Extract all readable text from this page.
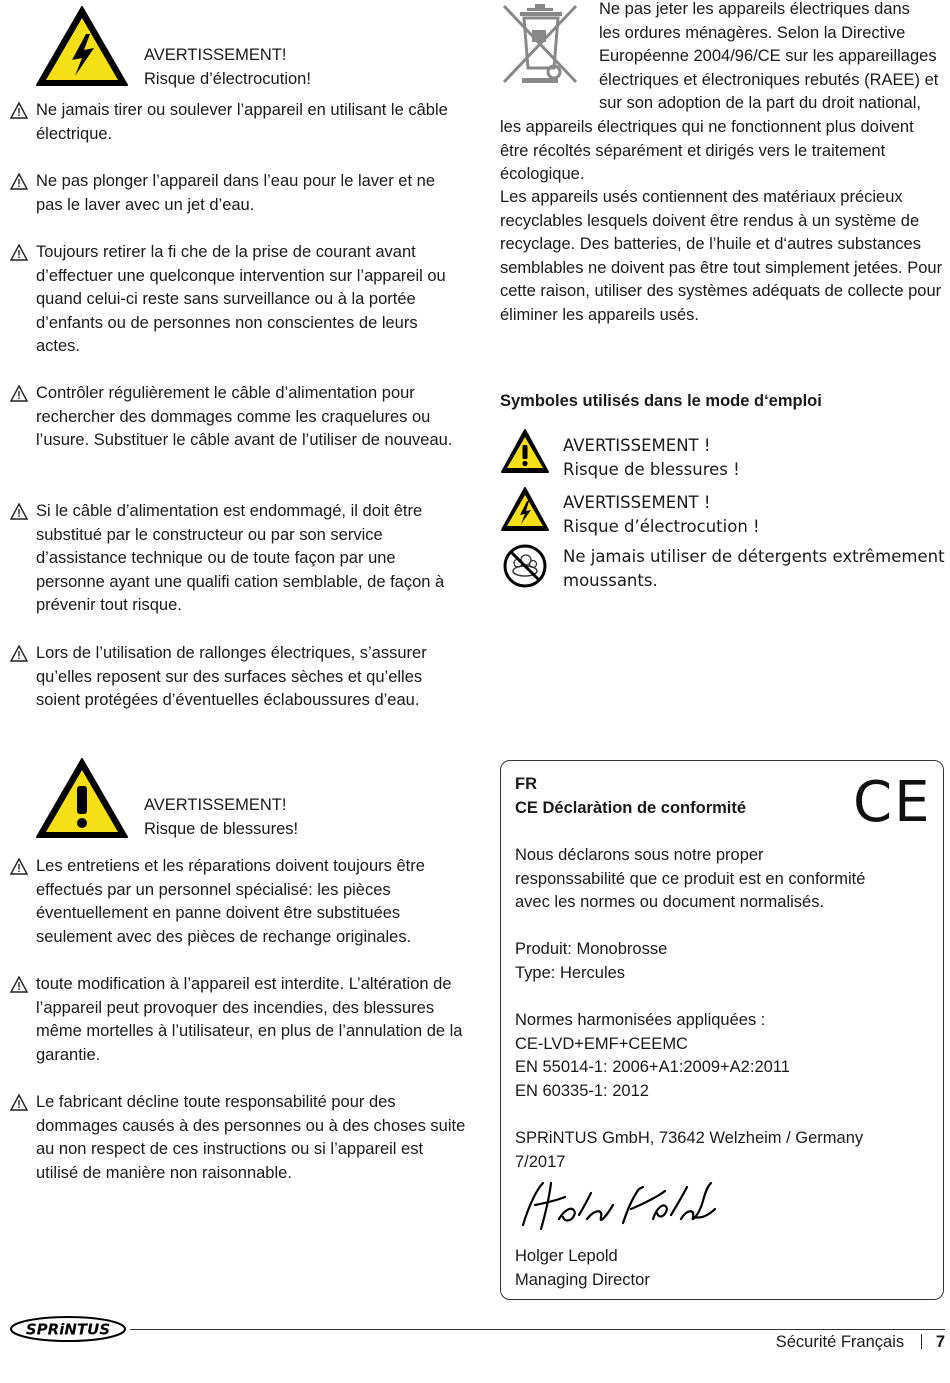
AVERTISSEMENT!
Risque d’électrocution!
Ne jamais tirer ou soulever l’appareil en utilisant le câble électrique.
Ne pas plonger l’appareil dans l’eau pour le laver et ne pas le laver avec un jet d’eau.
Toujours retirer la fi che de la prise de courant avant d’effectuer une quelconque intervention sur l’appareil ou quand celui-ci reste sans surveillance ou à la portée d’enfants ou de personnes non conscientes de leurs actes.
Contrôler régulièrement le câble d’alimentation pour rechercher des dommages comme les craquelures ou l’usure. Substituer le câble avant de l’utiliser de nouveau.
Si le câble d’alimentation est endommagé, il doit être substitué par le constructeur ou par son service d’assistance technique ou de toute façon par une personne ayant une qualifi cation semblable, de façon à prévenir tout risque.
Lors de l’utilisation de rallonges électriques, s’assurer qu’elles reposent sur des surfaces sèches et qu’elles soient protégées d’éventuelles éclaboussures d’eau.
AVERTISSEMENT!
Risque de blessures!
Les entretiens et les réparations doivent toujours être effectués par un personnel spécialisé: les pièces éventuellement en panne doivent être substituées seulement avec des pièces de rechange originales.
toute modification à l’appareil est interdite. L’altération de l’appareil peut provoquer des incendies, des blessures même mortelles à l’utilisateur, en plus de l’annulation de la garantie.
Le fabricant décline toute responsabilité pour des dommages causés à des personnes ou à des choses suite au non respect de ces instructions ou si l’appareil est utilisé de manière non raisonnable.
Ne pas jeter les appareils électriques dans
les ordures ménagères. Selon la Directive
Européenne 2004/96/CE sur les appareillages
électriques et électroniques rebutés (RAEE) et
sur son adoption de la part du droit national,
les appareils électriques qui ne fonctionnent plus doivent être récoltés séparément et dirigés vers le traitement écologique.
Les appareils usés contiennent des matériaux précieux recyclables lesquels doivent être rendus à un système de recyclage. Des batteries, de l’huile et d‘autres substances semblables ne doivent pas être tout simplement jetées. Pour cette raison, utiliser des systèmes adéquats de collecte pour éliminer les appareils usés.
Symboles utilisés dans le mode d‘emploi
AVERTISSEMENT !
Risque de blessures !
AVERTISSEMENT !
Risque d’électrocution !
Ne jamais utiliser de détergents extrêmement
moussants.
FR
CE Déclaràtion de conformité	CE
Nous déclarons sous notre proper
responssabilité que ce produit est en conformité
avec les normes ou document normalisés.
Produit: Monobrosse
Type: Hercules
Normes harmonisées appliquées :
CE-LVD+EMF+CEEMC
EN 55014-1: 2006+A1:2009+A2:2011
EN 60335-1: 2012
SPRiNTUS GmbH, 73642 Welzheim / Germany
7/2017
Holger Lepold
Managing Director
SPRiNTUS
Sécurité Français 7
